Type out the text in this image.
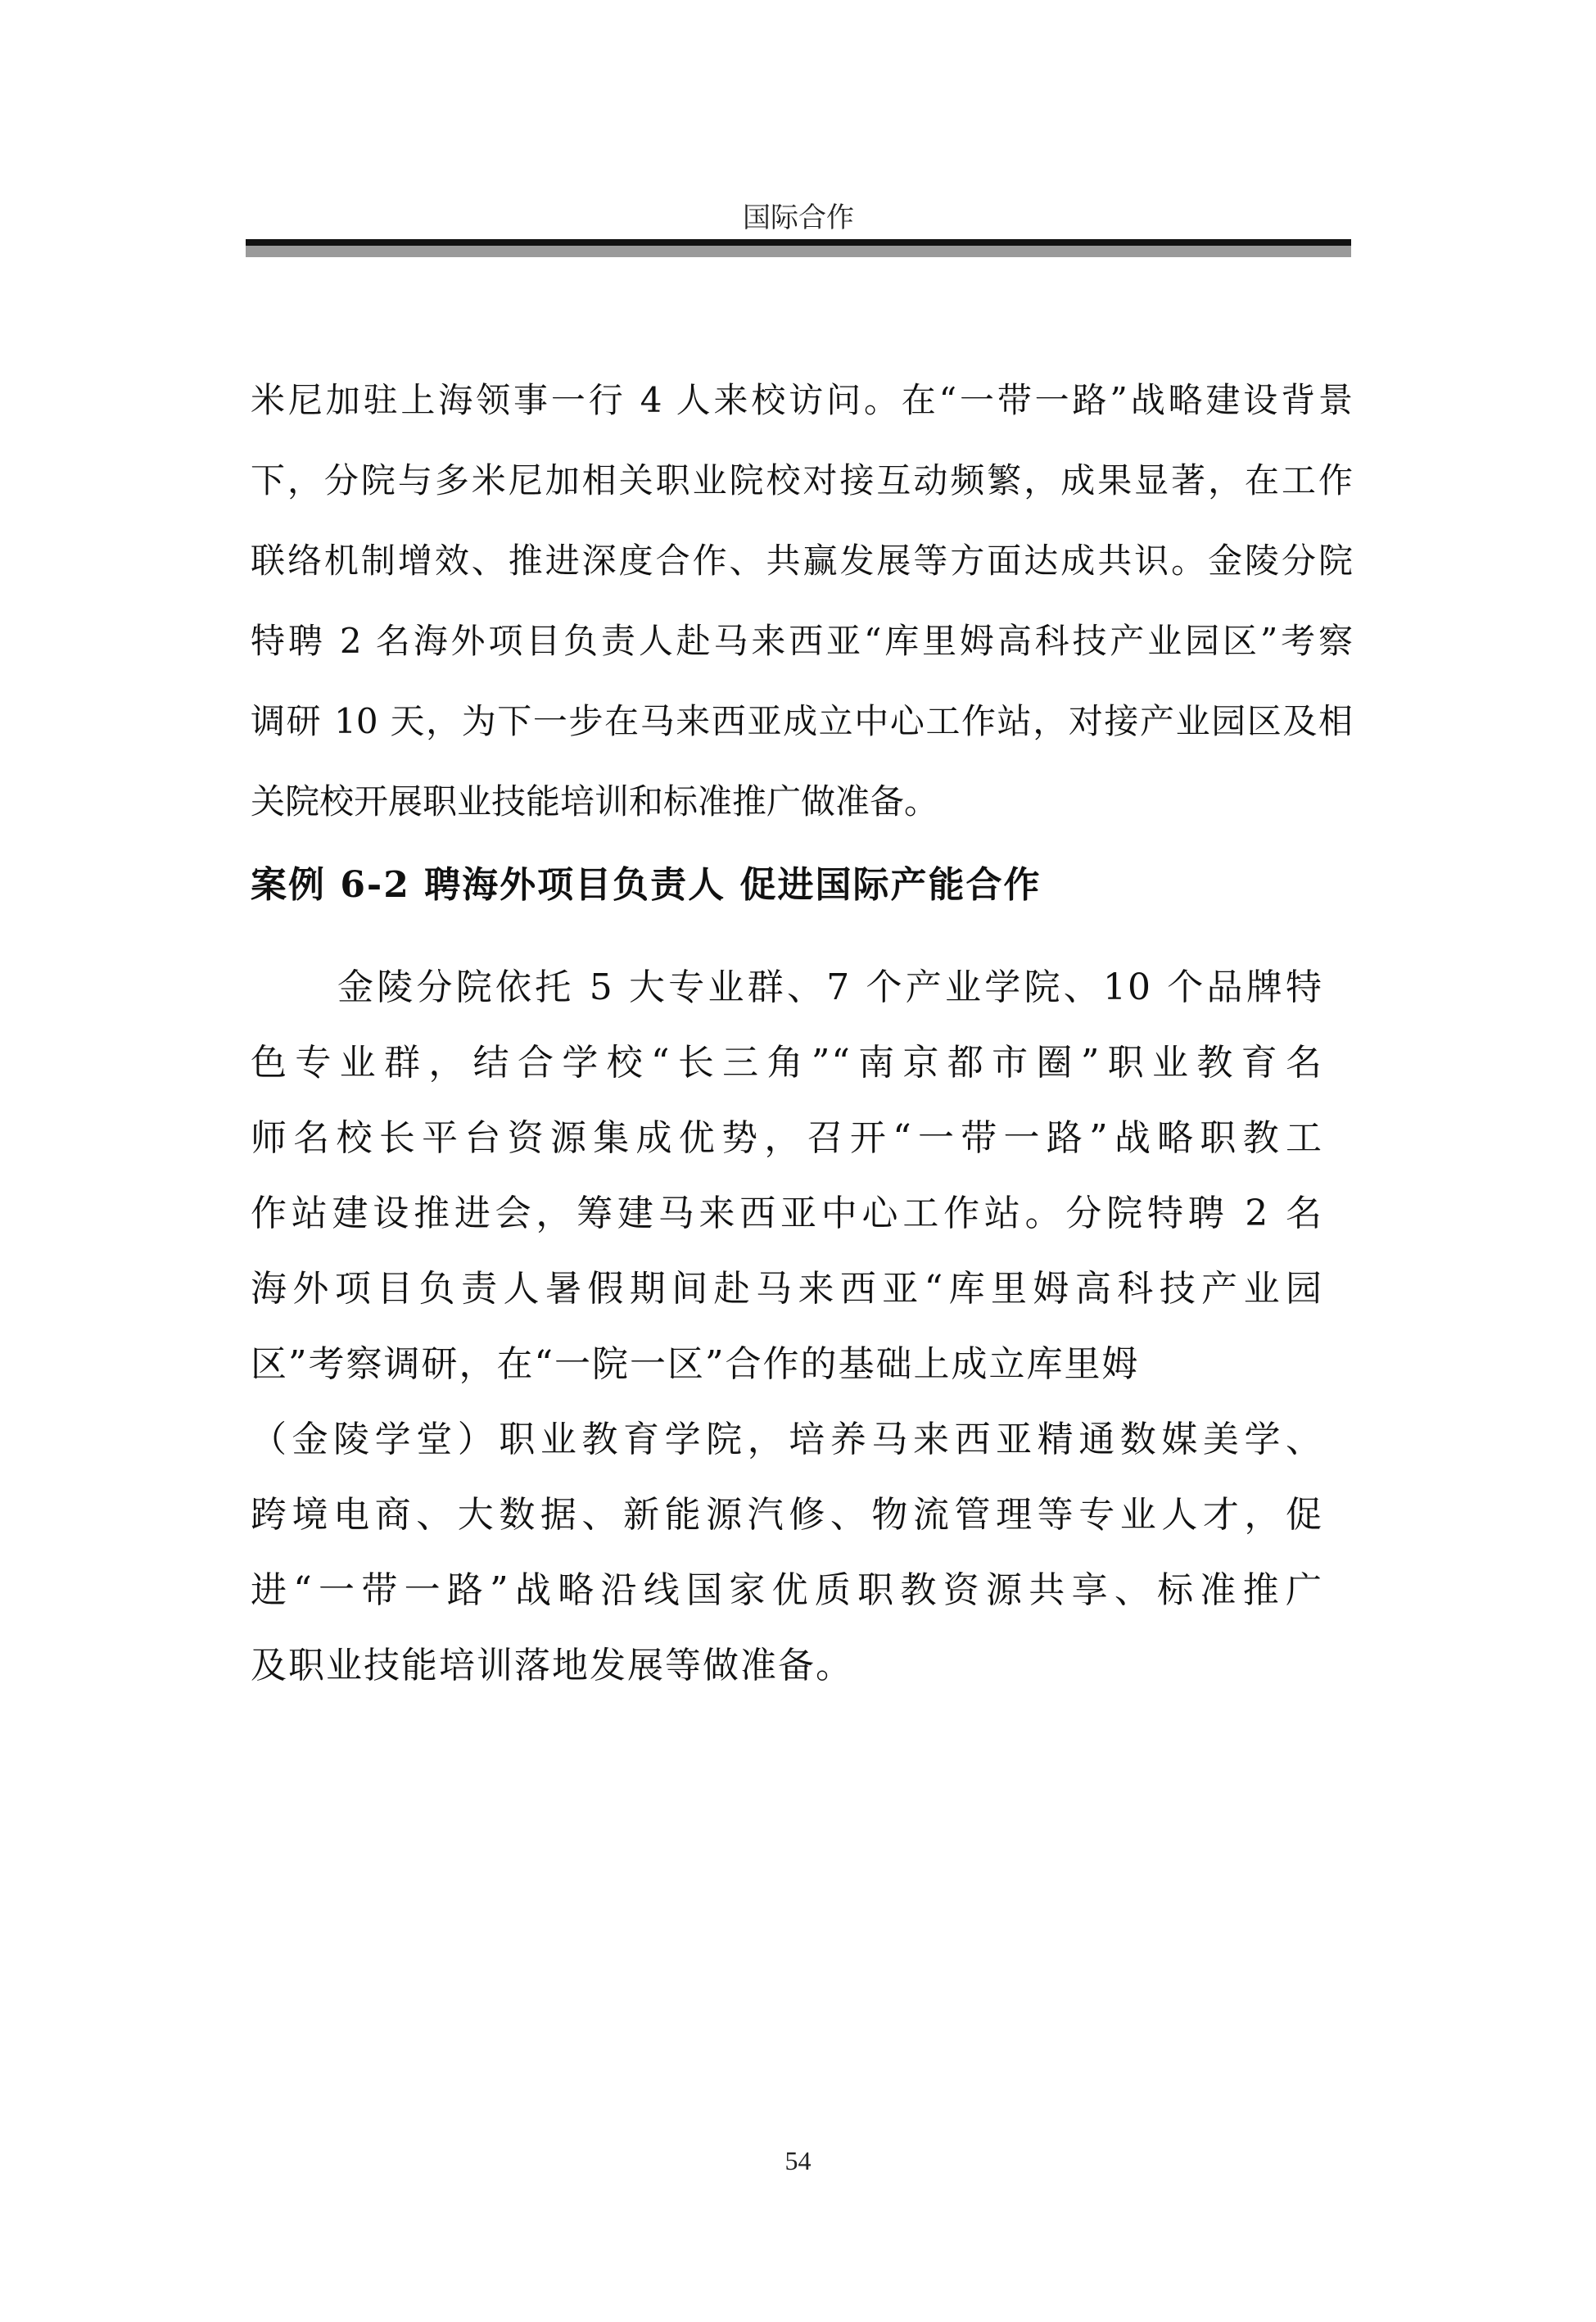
国际合作
米尼加驻上海领事一行 4 人来校访问。在“一带一路”战略建设背景
下，分院与多米尼加相关职业院校对接互动频繁，成果显著，在工作
联络机制增效、推进深度合作、共赢发展等方面达成共识。金陵分院
特聘 2 名海外项目负责人赴马来西亚“库里姆高科技产业园区”考察
调研 10 天，为下一步在马来西亚成立中心工作站，对接产业园区及相
关院校开展职业技能培训和标准推广做准备。
案例 6-2 聘海外项目负责人 促进国际产能合作
金陵分院依托 5 大专业群、7 个产业学院、10 个品牌特
色专业群，结合学校“长三角”“南京都市圈”职业教育名
师名校长平台资源集成优势，召开“一带一路”战略职教工
作站建设推进会，筹建马来西亚中心工作站。分院特聘 2 名
海外项目负责人暑假期间赴马来西亚“库里姆高科技产业园
区”考察调研，在“一院一区”合作的基础上成立库里姆
（金陵学堂）职业教育学院，培养马来西亚精通数媒美学、
跨境电商、大数据、新能源汽修、物流管理等专业人才，促
进“一带一路”战略沿线国家优质职教资源共享、标准推广
及职业技能培训落地发展等做准备。
54
